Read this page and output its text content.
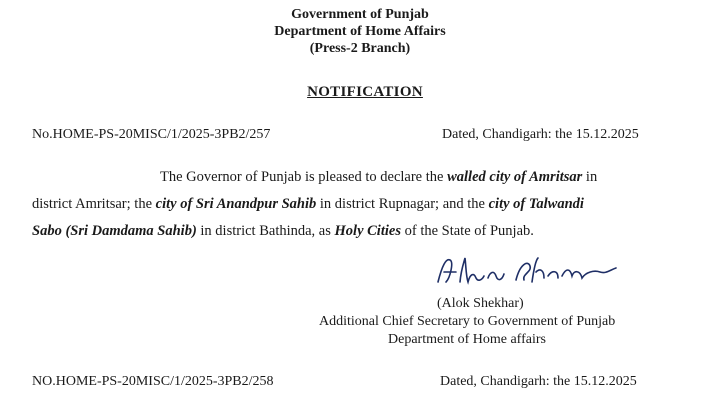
Government of Punjab
Department of Home Affairs
(Press-2 Branch)
NOTIFICATION
No.HOME-PS-20MISC/1/2025-3PB2/257	Dated, Chandigarh: the 15.12.2025
The Governor of Punjab is pleased to declare the walled city of Amritsar in
district Amritsar; the city of Sri Anandpur Sahib in district Rupnagar; and the city of Talwandi
Sabo (Sri Damdama Sahib) in district Bathinda, as Holy Cities of the State of Punjab.
(Alok Shekhar)
Additional Chief Secretary to Government of Punjab
Department of Home affairs
NO.HOME-PS-20MISC/1/2025-3PB2/258	Dated, Chandigarh: the 15.12.2025
